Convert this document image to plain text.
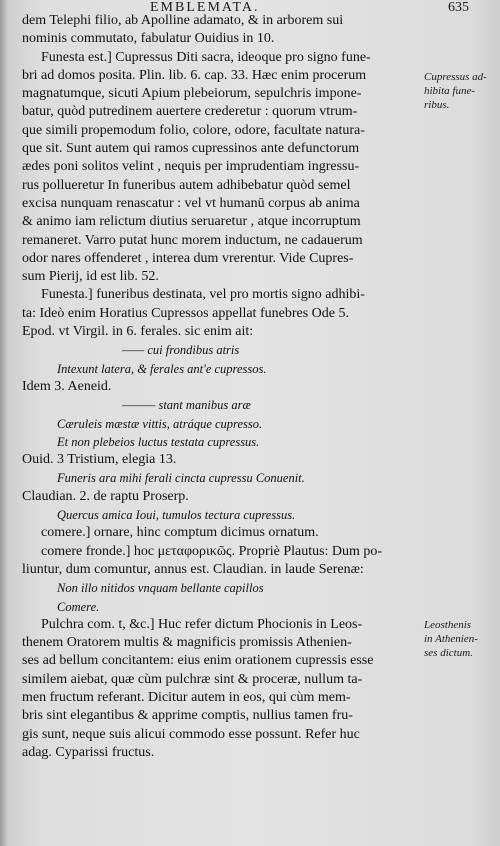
EMBLEMATA.	635
dem Telephi filio, ab Apolline adamato, & in arborem sui
nominis commutato, fabulatur Ouidius in 10.
Funesta est.] Cupressus Diti sacra, ideoque pro signo fune-
bri ad domos posita. Plin. lib. 6. cap. 33. Hæc enim procerum
magnatumque, sicuti Apium plebeiorum, sepulchris impone-
batur, quòd putredinem auertere crederetur : quorum vtrum-
que simili propemodum folio, colore, odore, facultate natura-
que sit. Sunt autem qui ramos cupressinos ante defunctorum
ædes poni solitos velint , nequis per imprudentiam ingressu-
rus pollueretur In funeribus autem adhibebatur quòd semel
excisa nunquam renascatur : vel vt humanū corpus ab anima
& animo iam relictum diutius seruaretur , atque incorruptum
remaneret. Varro putat hunc morem inductum, ne cadauerum
odor nares offenderet , interea dum vrerentur. Vide Cupres-
sum Pierij, id est lib. 52.
Funesta.] funeribus destinata, vel pro mortis signo adhibi-
ta: Ideò enim Horatius Cupressos appellat funebres Ode 5.
Epod. vt Virgil. in 6. ferales. sic enim ait:
—— cui frondibus atris
Intexunt latera, & ferales ant'e cupressos.
Idem 3. Aeneid.
——— stant manibus aræ
Cæruleis mæstæ vittis, atráque cupresso.
Et non plebeios luctus testata cupressus.
Ouid. 3 Tristium, elegia 13.
Funeris ara mihi ferali cincta cupressu Conuenit.
Claudian. 2. de raptu Proserp.
Quercus amica Ioui, tumulos tectura cupressus.
comere.] ornare, hinc comptum dicimus ornatum.
comere fronde.] hoc μεταφορικῶς. Propriè Plautus: Dum po-
liuntur, dum comuntur, annus est. Claudian. in laude Serenæ:
Non illo nitidos vnquam bellante capillos
Comere.
Pulchra com. t, &c.] Huc refer dictum Phocionis in Leos-
thenem Oratorem multis & magnificis promissis Athenien-
ses ad bellum concitantem: eius enim orationem cupressis esse
similem aiebat, quæ cùm pulchræ sint & proceræ, nullum ta-
men fructum referant. Dicitur autem in eos, qui cùm mem-
bris sint elegantibus & apprime comptis, nullius tamen fru-
gis sunt, neque suis alicui commodo esse possunt. Refer huc
adag. Cyparissi fructus.
Cupressus ad-
hibita fune-
ribus.
Leosthenis
in Athenien-
ses dictum.
